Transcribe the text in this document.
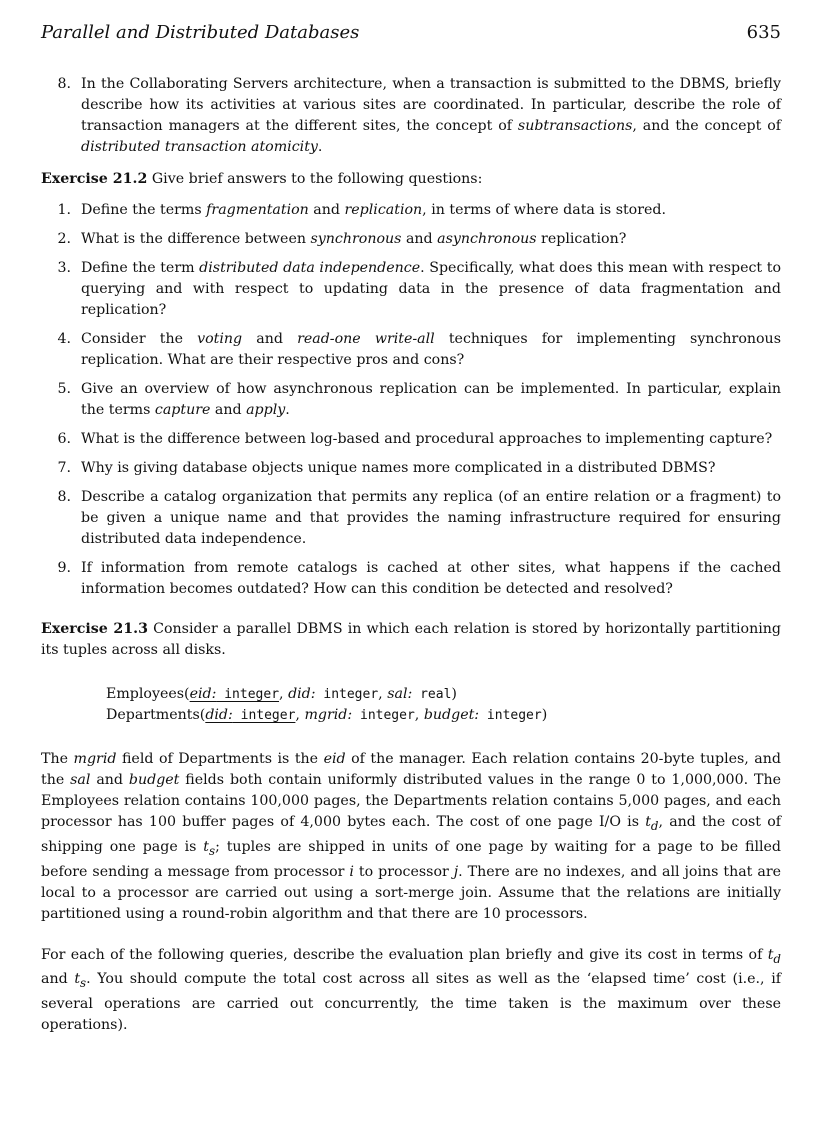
Parallel and Distributed Databases	635

8. In the Collaborating Servers architecture, when a transaction is submitted to the DBMS, briefly describe how its activities at various sites are coordinated. In particular, describe the role of transaction managers at the different sites, the concept of subtransactions, and the concept of distributed transaction atomicity.

Exercise 21.2 Give brief answers to the following questions:

1. Define the terms fragmentation and replication, in terms of where data is stored.

2. What is the difference between synchronous and asynchronous replication?

3. Define the term distributed data independence. Specifically, what does this mean with respect to querying and with respect to updating data in the presence of data fragmentation and replication?

4. Consider the voting and read-one write-all techniques for implementing synchronous replication. What are their respective pros and cons?

5. Give an overview of how asynchronous replication can be implemented. In particular, explain the terms capture and apply.

6. What is the difference between log-based and procedural approaches to implementing capture?

7. Why is giving database objects unique names more complicated in a distributed DBMS?

8. Describe a catalog organization that permits any replica (of an entire relation or a fragment) to be given a unique name and that provides the naming infrastructure required for ensuring distributed data independence.

9. If information from remote catalogs is cached at other sites, what happens if the cached information becomes outdated? How can this condition be detected and resolved?

Exercise 21.3 Consider a parallel DBMS in which each relation is stored by horizontally partitioning its tuples across all disks.

Employees(eid: integer, did: integer, sal: real)
Departments(did: integer, mgrid: integer, budget: integer)

The mgrid field of Departments is the eid of the manager. Each relation contains 20-byte tuples, and the sal and budget fields both contain uniformly distributed values in the range 0 to 1,000,000. The Employees relation contains 100,000 pages, the Departments relation contains 5,000 pages, and each processor has 100 buffer pages of 4,000 bytes each. The cost of one page I/O is $t_d$, and the cost of shipping one page is $t_s$; tuples are shipped in units of one page by waiting for a page to be filled before sending a message from processor i to processor j. There are no indexes, and all joins that are local to a processor are carried out using a sort-merge join. Assume that the relations are initially partitioned using a round-robin algorithm and that there are 10 processors.

For each of the following queries, describe the evaluation plan briefly and give its cost in terms of $t_d$ and $t_s$. You should compute the total cost across all sites as well as the ‘elapsed time’ cost (i.e., if several operations are carried out concurrently, the time taken is the maximum over these operations).
